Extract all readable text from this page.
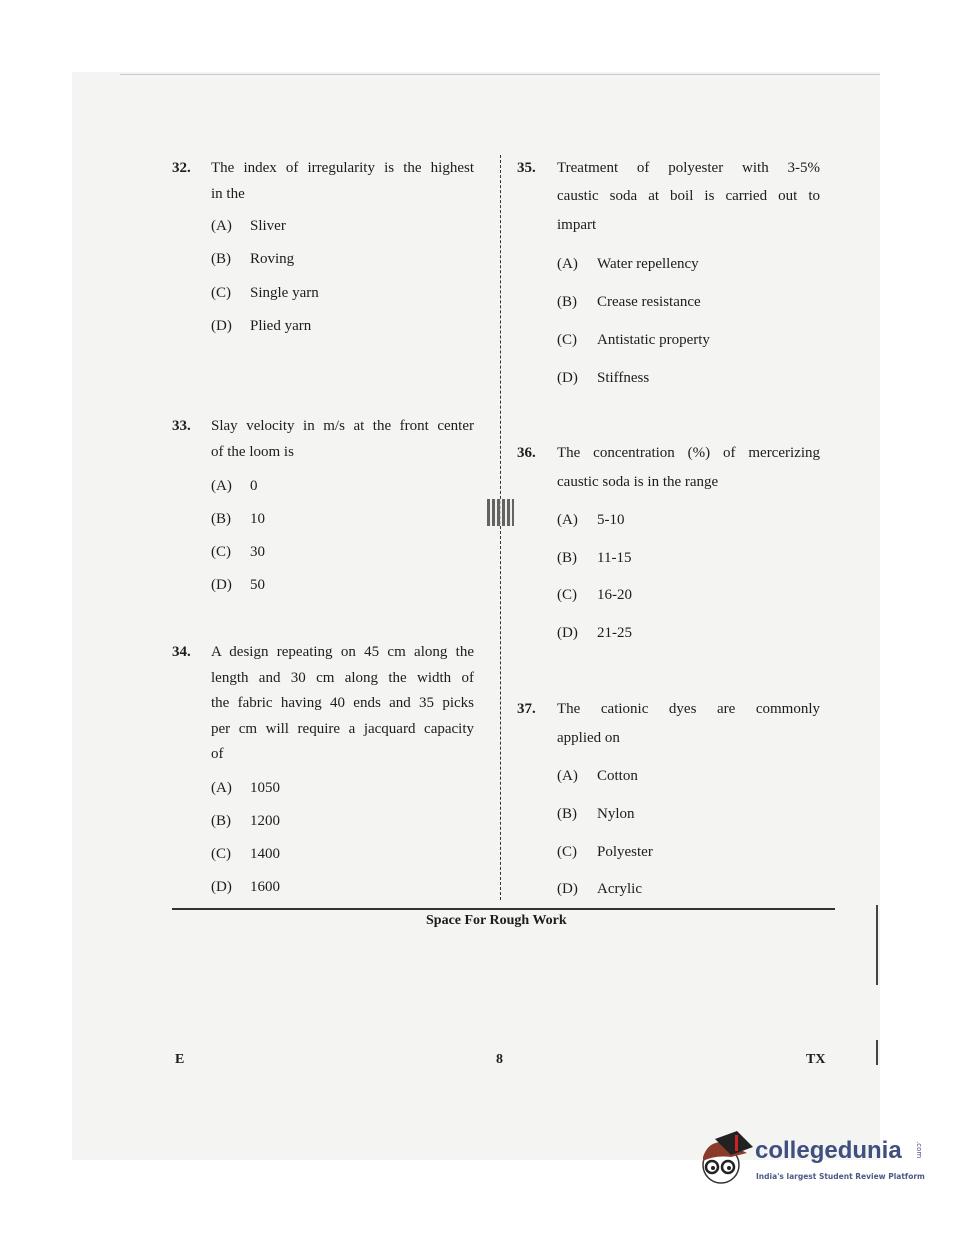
32. The index of irregularity is the highest
in the
(A) Sliver
(B) Roving
(C) Single yarn
(D) Plied yarn
33. Slay velocity in m/s at the front center
of the loom is
(A) 0
(B) 10
(C) 30
(D) 50
34. A design repeating on 45 cm along the
length and 30 cm along the width of
the fabric having 40 ends and 35 picks
per cm will require a jacquard capacity
of
(A) 1050
(B) 1200
(C) 1400
(D) 1600
35. Treatment  of  polyester  with  3-5%
caustic soda at boil is carried out to
impart
(A) Water repellency
(B) Crease resistance
(C) Antistatic property
(D) Stiffness
36. The concentration (%) of mercerizing
caustic soda is in the range
(A) 5-10
(B) 11-15
(C) 16-20
(D) 21-25
37. The   cationic   dyes   are   commonly
applied on
(A) Cotton
(B) Nylon
(C) Polyester
(D) Acrylic
Space For Rough Work
E	8	TX
collegedunia .com
India's largest Student Review Platform
